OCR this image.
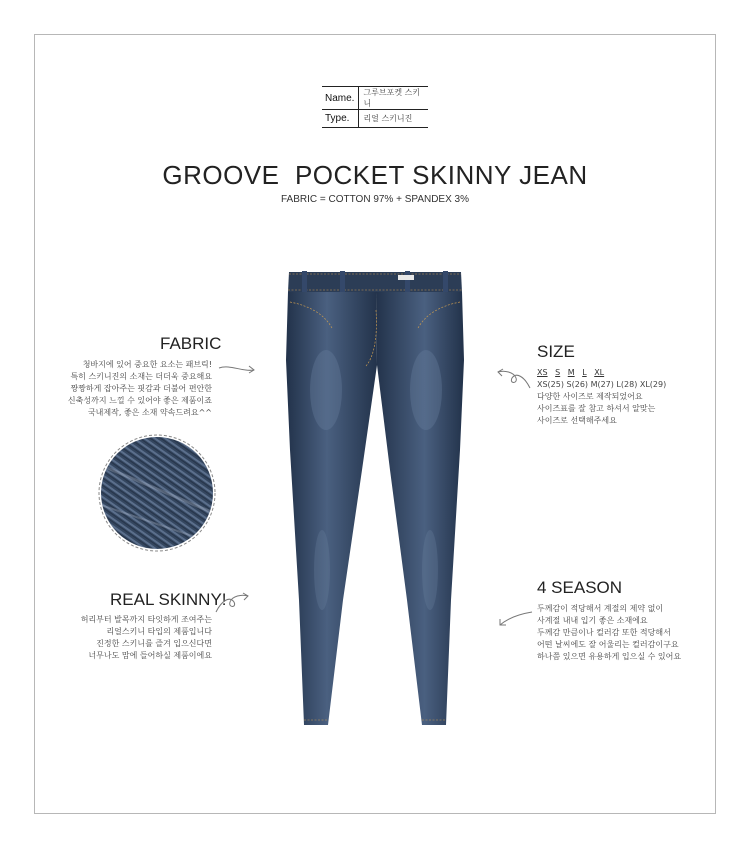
Name.	그루브포켓 스키니
Type.	리얼 스키니진
GROOVE  POCKET SKINNY JEAN
FABRIC = COTTON 97% + SPANDEX 3%
FABRIC
청바지에 있어 중요한 요소는 패브릭!
특히 스키니진의 소재는 더더욱 중요해요
짱짱하게 잡아주는 핏감과 더불어 편안한
신축성까지 느낄 수 있어야 좋은 제품이죠
국내제작, 좋은 소재 약속드려요^^
REAL SKINNY!
허리부터 발목까지 타잇하게 조여주는
리얼스키니 타입의 제품입니다
진정한 스키니를 즐겨 입으신다면
너무나도 맘에 들어하실 제품이에요
SIZE
XS S M L XL
XS(25) S(26) M(27) L(28) XL(29)
다양한 사이즈로 제작되었어요
사이즈표를 잘 참고 하셔서 알맞는
사이즈로 선택해주세요
4 SEASON
두께감이 적당해서 계절의 제약 없이
사계절 내내 입기 좋은 소재에요
두께감 만큼이나 컬러감 또한 적당해서
어떤 날씨에도 잘 어울리는 컬러감이구요
하나쯤 있으면 유용하게 입으실 수 있어요
